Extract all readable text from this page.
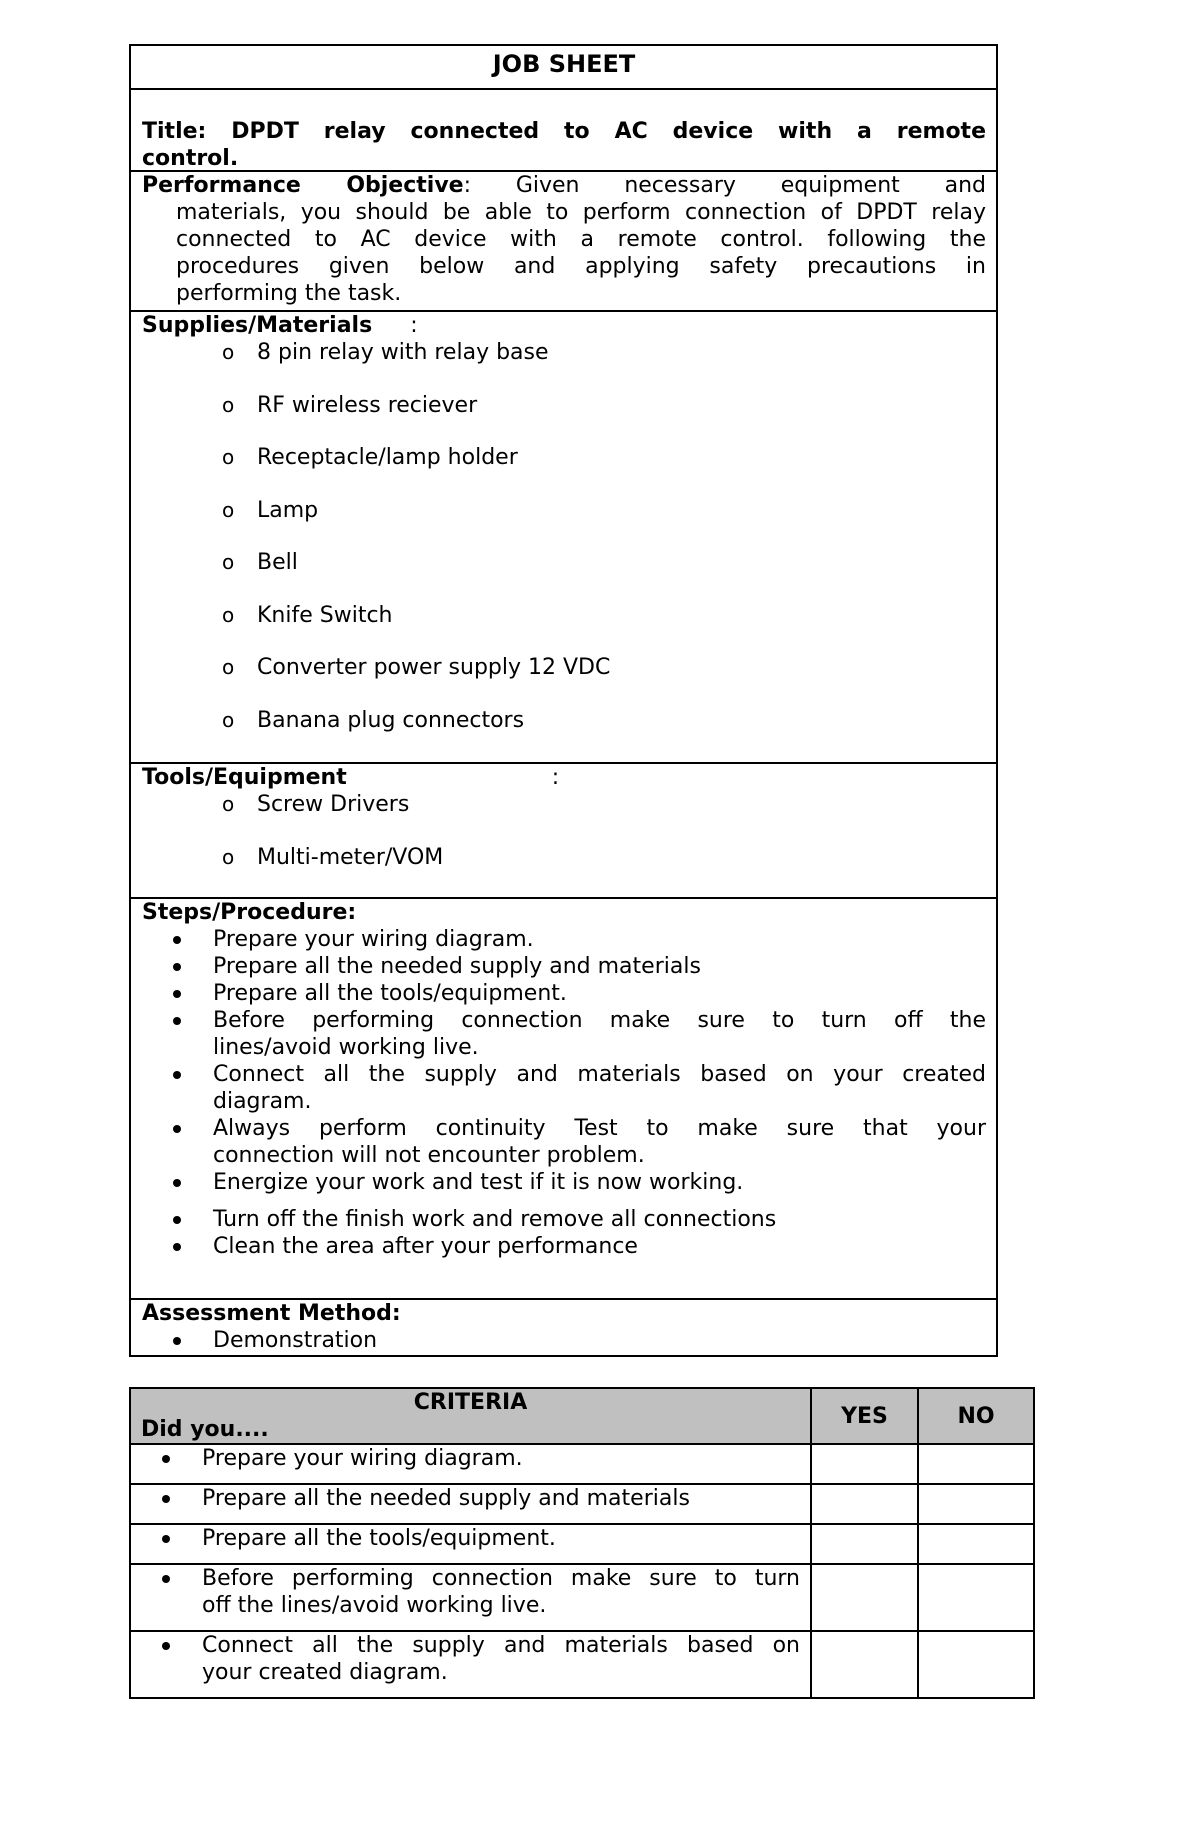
JOB SHEET
Title: DPDT relay connected to AC device with a remote
control.
Performance Objective: Given necessary equipment and
materials, you should be able to perform connection of DPDT relay
connected to AC device with a remote control. following the
procedures given below and applying safety precautions in
performing the task.
Supplies/Materials :
o 8 pin relay with relay base
o RF wireless reciever
o Receptacle/lamp holder
o Lamp
o Bell
o Knife Switch
o Converter power supply 12 VDC
o Banana plug connectors
Tools/Equipment	:
o Screw Drivers
o Multi-meter/VOM
Steps/Procedure:
Prepare your wiring diagram.
Prepare all the needed supply and materials
Prepare all the tools/equipment.
Before performing connection make sure to turn off the
lines/avoid working live.
Connect all the supply and materials based on your created
diagram.
Always perform continuity Test to make sure that your
connection will not encounter problem.
Energize your work and test if it is now working.
Turn off the finish work and remove all connections
Clean the area after your performance
Assessment Method:
Demonstration
CRITERIA
Did you....	YES	NO

Prepare your wiring diagram.		

Prepare all the needed supply and materials		

Prepare all the tools/equipment.		

Before performing connection make sure to turn
off the lines/avoid working live.		

Connect all the supply and materials based on
your created diagram.		
